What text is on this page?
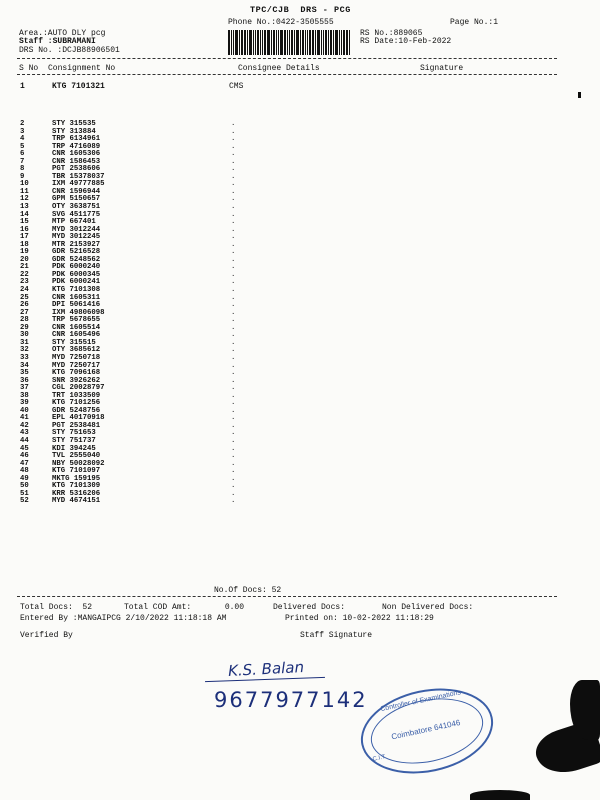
TPC/CJB  DRS - PCG
Phone No.:0422-3505555	Page No.:1
Area.:AUTO DLY pcg
Staff :SUBRAMANI
DRS No. :DCJB88906501
RS No.:889065
RS Date:10-Feb-2022
S No Consignment No	Consignee Details	Signature
1	KTG 7101321	CMS
2	STY 315535	.
3	STY 313884	.
4	TRP 6134961	.
5	TRP 4716089	.
6	CNR 1605306	.
7	CNR 1586453	.
8	PGT 2538606	.
9	TBR 15378037	.
10	IXM 49777885	.
11	CNR 1596944	.
12	GPM 5150657	.
13	OTY 3638751	.
14	SVG 4511775	.
15	MTP 667401	.
16	MYD 3012244	.
17	MYD 3012245	.
18	MTR 2153927	.
19	GDR 5216528	.
20	GDR 5248562	.
21	PDK 6000240	.
22	PDK 6000345	.
23	PDK 6000241	.
24	KTG 7101308	.
25	CNR 1605311	.
26	DPI 5061416	.
27	IXM 49806098	.
28	TRP 5678655	.
29	CNR 1605514	.
30	CNR 1605496	.
31	STY 315515	.
32	OTY 3685612	.
33	MYD 7250718	.
34	MYD 7250717	.
35	KTG 7096168	.
36	SNR 3926262	.
37	CGL 20028797	.
38	TRT 1033509	.
39	KTG 7101256	.
40	GDR 5248756	.
41	EPL 40170918	.
42	PGT 2538481	.
43	STY 751653	.
44	STY 751737	.
45	KDI 394245	.
46	TVL 2555040	.
47	NBY 50028092	.
48	KTG 7101097	.
49	MKTG 159195	.
50	KTG 7101309	.
51	KRR 5316206	.
52	MYD 4674151	.
No.Of Docs: 52
Total Docs:  52	Total COD Amt:       0.00	Delivered Docs:	Non Delivered Docs:
Entered By :MANGAIPCG 2/10/2022 11:18:18 AM	Printed on: 10-02-2022 11:18:29
Verified By	Staff Signature
K.S. Balan
9677977142 Controller of Examinations
Coimbatore 641046
C.I.T
